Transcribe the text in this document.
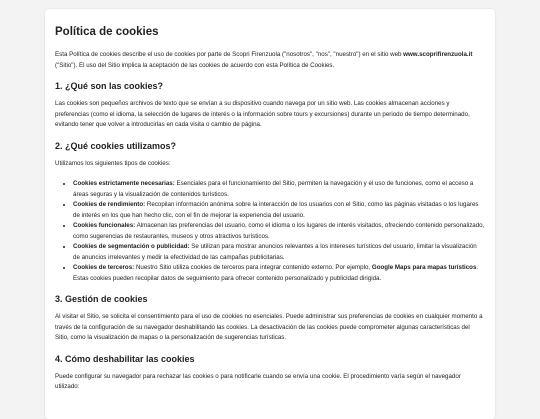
Política de cookies

Esta Política de cookies describe el uso de cookies por parte de Scopri Firenzuola ("nosotros", "nos", "nuestro") en el sitio web www.scoprifirenzuola.it ("Sitio"). El uso del Sitio implica la aceptación de las cookies de acuerdo con esta Política de Cookies.

1. ¿Qué son las cookies?

Las cookies son pequeños archivos de texto que se envían a su dispositivo cuando navega por un sitio web. Las cookies almacenan acciones y preferencias (como el idioma, la selección de lugares de interés o la información sobre tours y excursiones) durante un periodo de tiempo determinado, evitando tener que volver a introducirlas en cada visita o cambio de página.

2. ¿Qué cookies utilizamos?

Utilizamos los siguientes tipos de cookies:

• Cookies estrictamente necesarias: Esenciales para el funcionamiento del Sitio, permiten la navegación y el uso de funciones, como el acceso a áreas seguras y la visualización de contenidos turísticos.
• Cookies de rendimiento: Recopilan información anónima sobre la interacción de los usuarios con el Sitio, como las páginas visitadas o los lugares de interés en los que han hecho clic, con el fin de mejorar la experiencia del usuario.
• Cookies funcionales: Almacenan las preferencias del usuario, como el idioma o los lugares de interés visitados, ofreciendo contenido personalizado, como sugerencias de restaurantes, museos y otros atractivos turísticos.
• Cookies de segmentación o publicidad: Se utilizan para mostrar anuncios relevantes a los intereses turísticos del usuario, limitar la visualización de anuncios irrelevantes y medir la efectividad de las campañas publicitarias.
• Cookies de terceros: Nuestro Sitio utiliza cookies de terceros para integrar contenido externo. Por ejemplo, Google Maps para mapas turísticos. Estas cookies pueden recopilar datos de seguimiento para ofrecer contenido personalizado y publicidad dirigida.
3. Gestión de cookies

Al visitar el Sitio, se solicita el consentimiento para el uso de cookies no esenciales. Puede administrar sus preferencias de cookies en cualquier momento a través de la configuración de su navegador deshabilitando las cookies. La desactivación de las cookies puede comprometer algunas características del Sitio, como la visualización de mapas o la personalización de sugerencias turísticas.

4. Cómo deshabilitar las cookies

Puede configurar su navegador para rechazar las cookies o para notificarle cuando se envía una cookie. El procedimiento varía según el navegador utilizado:
